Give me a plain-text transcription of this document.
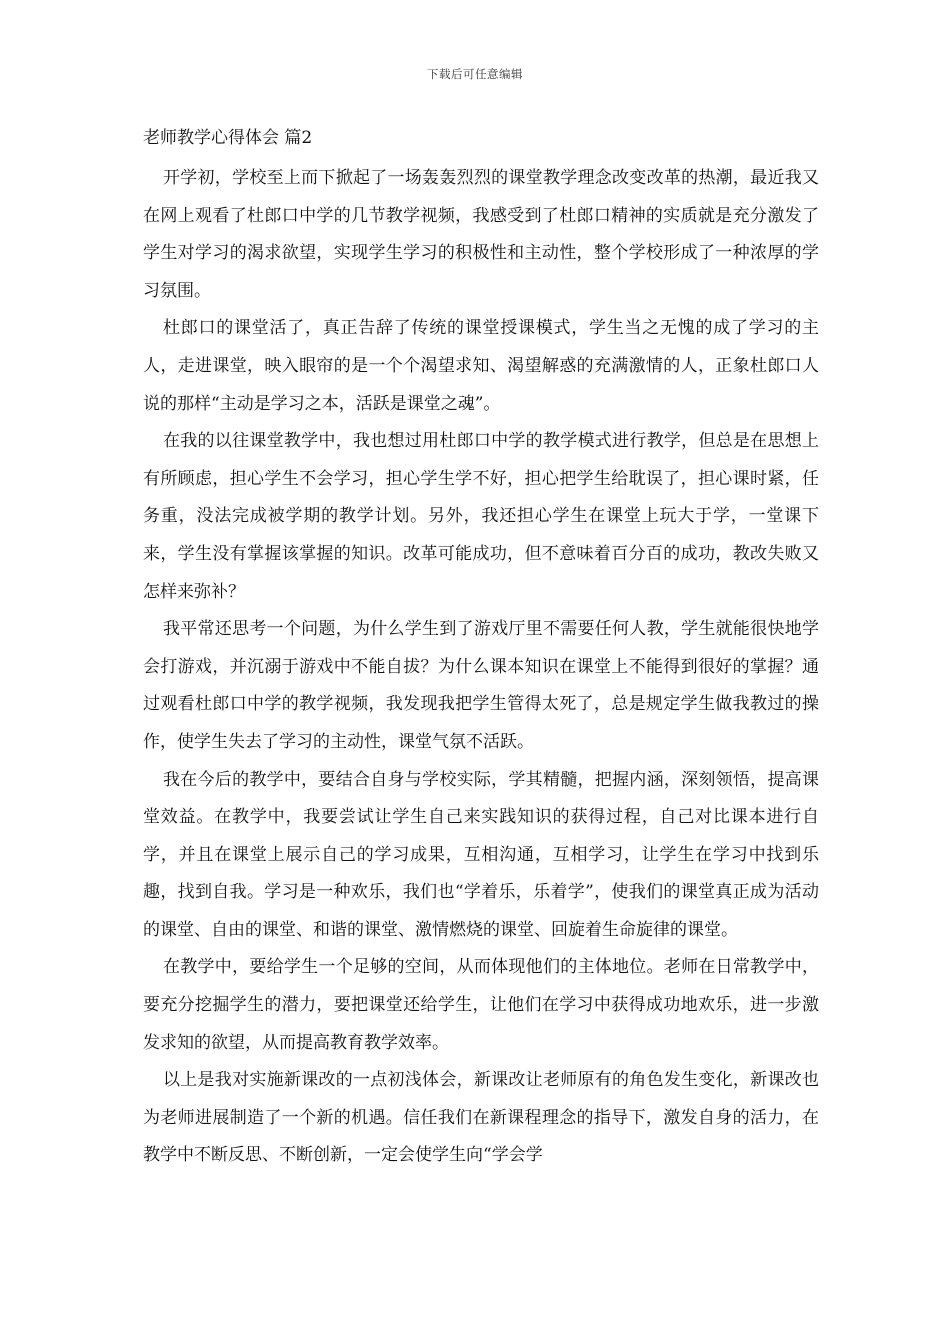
下载后可任意编辑
老师教学心得体会 篇2

开学初，学校至上而下掀起了一场轰轰烈烈的课堂教学理念改变改革的热潮，最近我又在网上观看了杜郎口中学的几节教学视频，我感受到了杜郎口精神的实质就是充分激发了学生对学习的渴求欲望，实现学生学习的积极性和主动性，整个学校形成了一种浓厚的学习氛围。

杜郎口的课堂活了，真正告辞了传统的课堂授课模式，学生当之无愧的成了学习的主人，走进课堂，映入眼帘的是一个个渴望求知、渴望解惑的充满激情的人，正象杜郎口人说的那样“主动是学习之本，活跃是课堂之魂”。

在我的以往课堂教学中，我也想过用杜郎口中学的教学模式进行教学，但总是在思想上有所顾虑，担心学生不会学习，担心学生学不好，担心把学生给耽误了，担心课时紧，任务重，没法完成被学期的教学计划。另外，我还担心学生在课堂上玩大于学，一堂课下来，学生没有掌握该掌握的知识。改革可能成功，但不意味着百分百的成功，教改失败又怎样来弥补？

我平常还思考一个问题，为什么学生到了游戏厅里不需要任何人教，学生就能很快地学会打游戏，并沉溺于游戏中不能自拔？为什么课本知识在课堂上不能得到很好的掌握？通过观看杜郎口中学的教学视频，我发现我把学生管得太死了，总是规定学生做我教过的操作，使学生失去了学习的主动性，课堂气氛不活跃。

我在今后的教学中，要结合自身与学校实际，学其精髓，把握内涵，深刻领悟，提高课堂效益。在教学中，我要尝试让学生自己来实践知识的获得过程，自己对比课本进行自学，并且在课堂上展示自己的学习成果，互相沟通，互相学习，让学生在学习中找到乐趣，找到自我。学习是一种欢乐，我们也“学着乐，乐着学”，使我们的课堂真正成为活动的课堂、自由的课堂、和谐的课堂、激情燃烧的课堂、回旋着生命旋律的课堂。

在教学中，要给学生一个足够的空间，从而体现他们的主体地位。老师在日常教学中，要充分挖掘学生的潜力，要把课堂还给学生，让他们在学习中获得成功地欢乐，进一步激发求知的欲望，从而提高教育教学效率。

以上是我对实施新课改的一点初浅体会，新课改让老师原有的角色发生变化，新课改也为老师进展制造了一个新的机遇。信任我们在新课程理念的指导下，激发自身的活力，在教学中不断反思、不断创新，一定会使学生向“学会学
